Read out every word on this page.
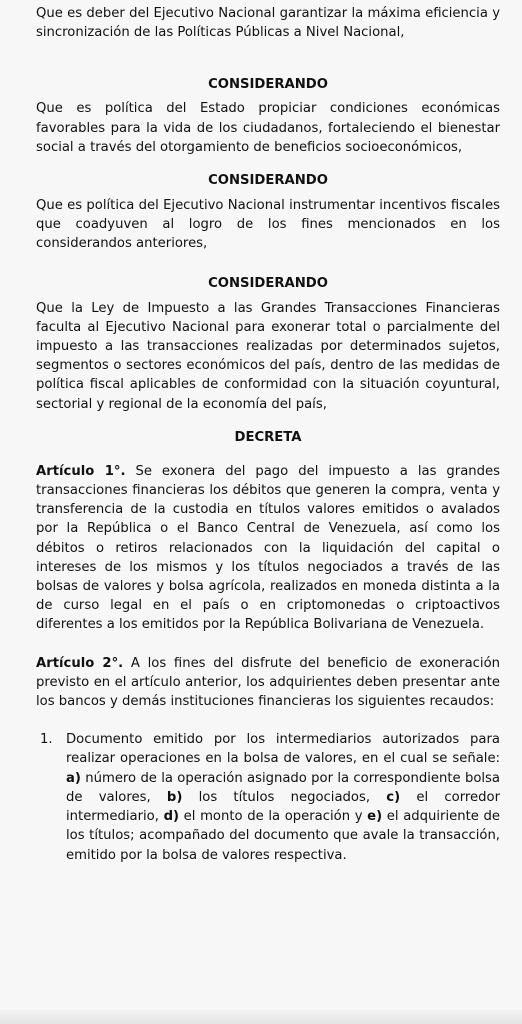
Que es deber del Ejecutivo Nacional garantizar la máxima eficiencia y sincronización de las Políticas Públicas a Nivel Nacional,

CONSIDERANDO

Que es política del Estado propiciar condiciones económicas favorables para la vida de los ciudadanos, fortaleciendo el bienestar social a través del otorgamiento de beneficios socioeconómicos,

CONSIDERANDO

Que es política del Ejecutivo Nacional instrumentar incentivos fiscales que coadyuven al logro de los fines mencionados en los considerandos anteriores,

CONSIDERANDO

Que la Ley de Impuesto a las Grandes Transacciones Financieras faculta al Ejecutivo Nacional para exonerar total o parcialmente del impuesto a las transacciones realizadas por determinados sujetos, segmentos o sectores económicos del país, dentro de las medidas de política fiscal aplicables de conformidad con la situación coyuntural, sectorial y regional de la economía del país,

DECRETA

Artículo 1°. Se exonera del pago del impuesto a las grandes transacciones financieras los débitos que generen la compra, venta y transferencia de la custodia en títulos valores emitidos o avalados por la República o el Banco Central de Venezuela, así como los débitos o retiros relacionados con la liquidación del capital o intereses de los mismos y los títulos negociados a través de las bolsas de valores y bolsa agrícola, realizados en moneda distinta a la de curso legal en el país o en criptomonedas o criptoactivos diferentes a los emitidos por la República Bolivariana de Venezuela.

Artículo 2°. A los fines del disfrute del beneficio de exoneración previsto en el artículo anterior, los adquirientes deben presentar ante los bancos y demás instituciones financieras los siguientes recaudos:

1.	Documento emitido por los intermediarios autorizados para realizar operaciones en la bolsa de valores, en el cual se señale: a) número de la operación asignado por la correspondiente bolsa de valores, b) los títulos negociados, c) el corredor intermediario, d) el monto de la operación y e) el adquiriente de los títulos; acompañado del documento que avale la transacción, emitido por la bolsa de valores respectiva.
